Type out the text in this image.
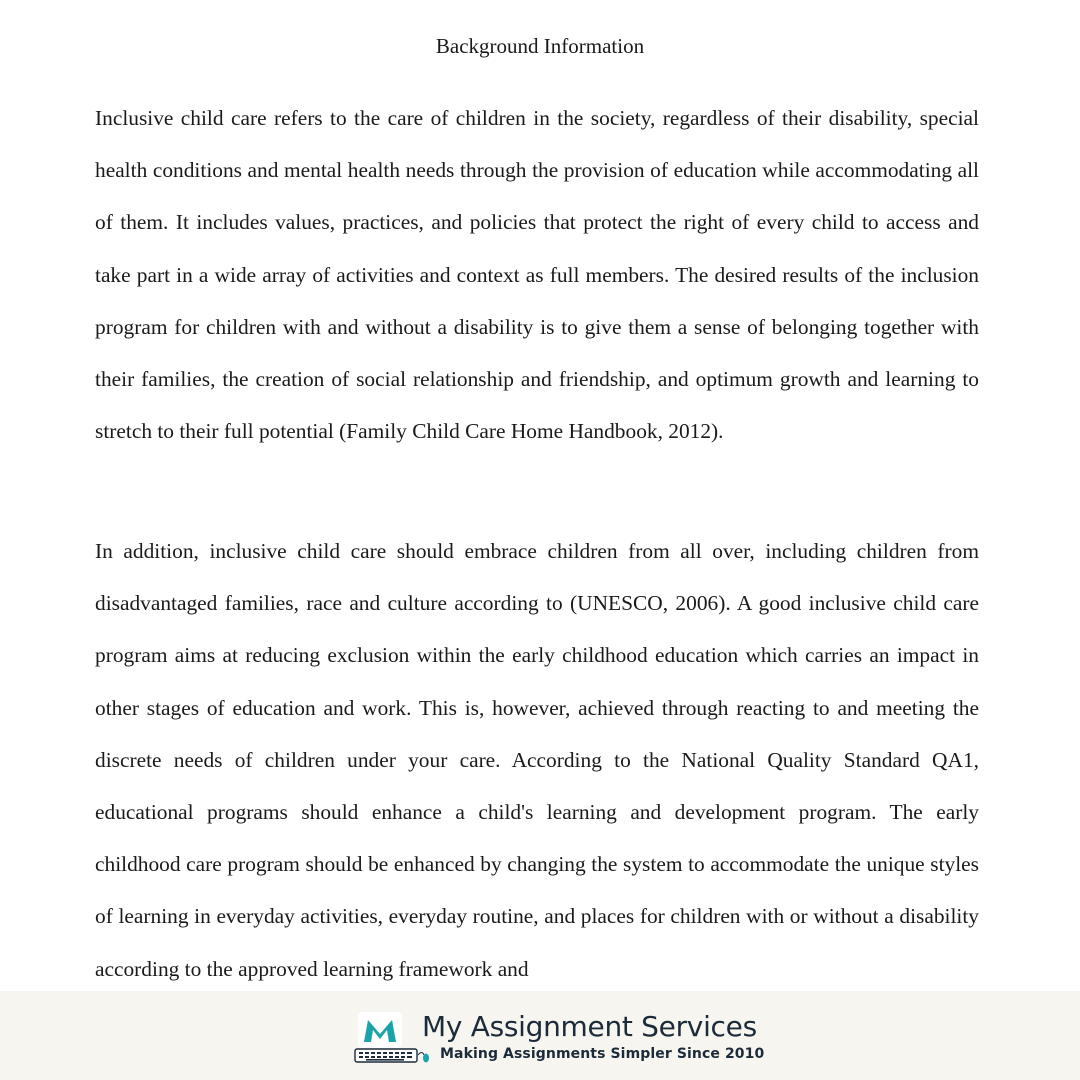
Background Information

Inclusive child care refers to the care of children in the society, regardless of their disability, special health conditions and mental health needs through the provision of education while accommodating all of them. It includes values, practices, and policies that protect the right of every child to access and take part in a wide array of activities and context as full members. The desired results of the inclusion program for children with and without a disability is to give them a sense of belonging together with their families, the creation of social relationship and friendship, and optimum growth and learning to stretch to their full potential (Family Child Care Home Handbook, 2012).

In addition, inclusive child care should embrace children from all over, including children from disadvantaged families, race and culture according to (UNESCO, 2006). A good inclusive child care program aims at reducing exclusion within the early childhood education which carries an impact in other stages of education and work. This is, however, achieved through reacting to and meeting the discrete needs of children under your care. According to the National Quality Standard QA1, educational programs should enhance a child's learning and development program. The early childhood care program should be enhanced by changing the system to accommodate the unique styles of learning in everyday activities, everyday routine, and places for children with or without a disability according to the approved learning framework and

My Assignment Services
Making Assignments Simpler Since 2010
